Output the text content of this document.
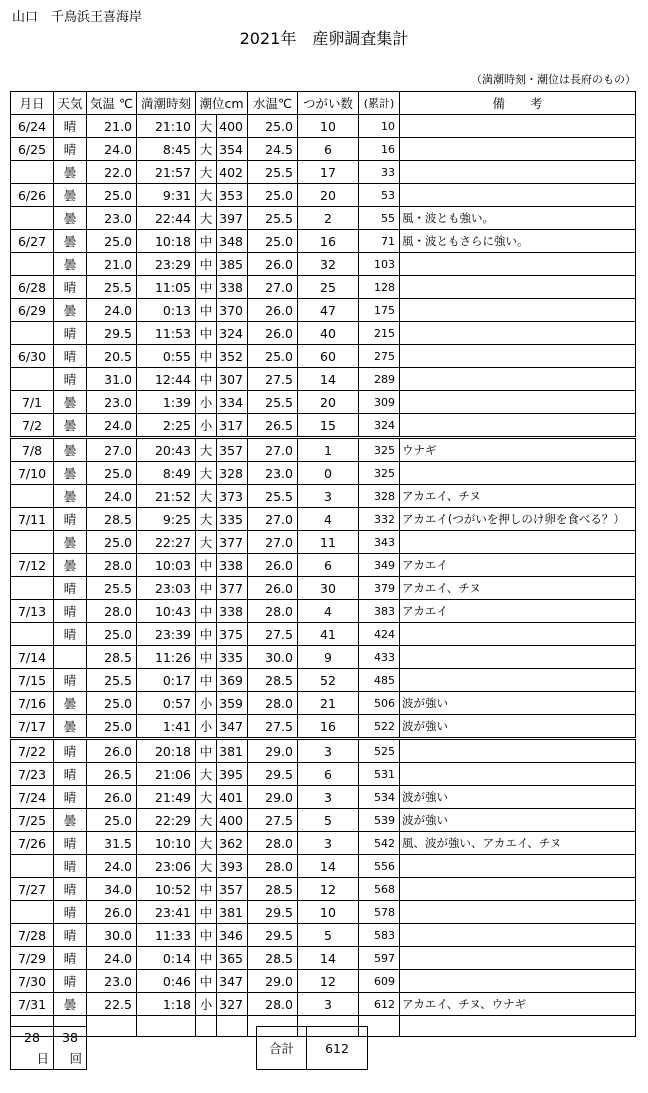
山口　千鳥浜王喜海岸
2021年　産卵調査集計
（満潮時刻・潮位は長府のもの）
月日	天気	気温 ℃	満潮時刻	潮位cm		水温℃	つがい数	(累計)	備　　考
6/24	晴	21.0	21:10	大	400	25.0	10	10	
6/25	晴	24.0	8:45	大	354	24.5	6	16	
	曇	22.0	21:57	大	402	25.5	17	33	
6/26	曇	25.0	9:31	大	353	25.0	20	53	
	曇	23.0	22:44	大	397	25.5	2	55	風・波とも強い。
6/27	曇	25.0	10:18	中	348	25.0	16	71	風・波ともさらに強い。
	曇	21.0	23:29	中	385	26.0	32	103	
6/28	晴	25.5	11:05	中	338	27.0	25	128	
6/29	曇	24.0	0:13	中	370	26.0	47	175	
	晴	29.5	11:53	中	324	26.0	40	215	
6/30	晴	20.5	0:55	中	352	25.0	60	275	
	晴	31.0	12:44	中	307	27.5	14	289	
7/1	曇	23.0	1:39	小	334	25.5	20	309	
7/2	曇	24.0	2:25	小	317	26.5	15	324	
7/8	曇	27.0	20:43	大	357	27.0	1	325	ウナギ
7/10	曇	25.0	8:49	大	328	23.0	0	325	
	曇	24.0	21:52	大	373	25.5	3	328	アカエイ、チヌ
7/11	晴	28.5	9:25	大	335	27.0	4	332	アカエイ(つがいを押しのけ卵を食べる？）
	曇	25.0	22:27	大	377	27.0	11	343	
7/12	曇	28.0	10:03	中	338	26.0	6	349	アカエイ
	晴	25.5	23:03	中	377	26.0	30	379	アカエイ、チヌ
7/13	晴	28.0	10:43	中	338	28.0	4	383	アカエイ
	晴	25.0	23:39	中	375	27.5	41	424	
7/14		28.5	11:26	中	335	30.0	9	433	
7/15	晴	25.5	0:17	中	369	28.5	52	485	
7/16	曇	25.0	0:57	小	359	28.0	21	506	波が強い
7/17	曇	25.0	1:41	小	347	27.5	16	522	波が強い
7/22	晴	26.0	20:18	中	381	29.0	3	525	
7/23	晴	26.5	21:06	大	395	29.5	6	531	
7/24	晴	26.0	21:49	大	401	29.0	3	534	波が強い
7/25	曇	25.0	22:29	大	400	27.5	5	539	波が強い
7/26	晴	31.5	10:10	大	362	28.0	3	542	風、波が強い、アカエイ、チヌ
	晴	24.0	23:06	大	393	28.0	14	556	
7/27	晴	34.0	10:52	中	357	28.5	12	568	
	晴	26.0	23:41	中	381	29.5	10	578	
7/28	晴	30.0	11:33	中	346	29.5	5	583	
7/29	晴	24.0	0:14	中	365	28.5	14	597	
7/30	晴	23.0	0:46	中	347	29.0	12	609	
7/31	曇	22.5	1:18	小	327	28.0	3	612	アカエイ、チヌ、ウナギ

28
日

38
回
		合計	612
